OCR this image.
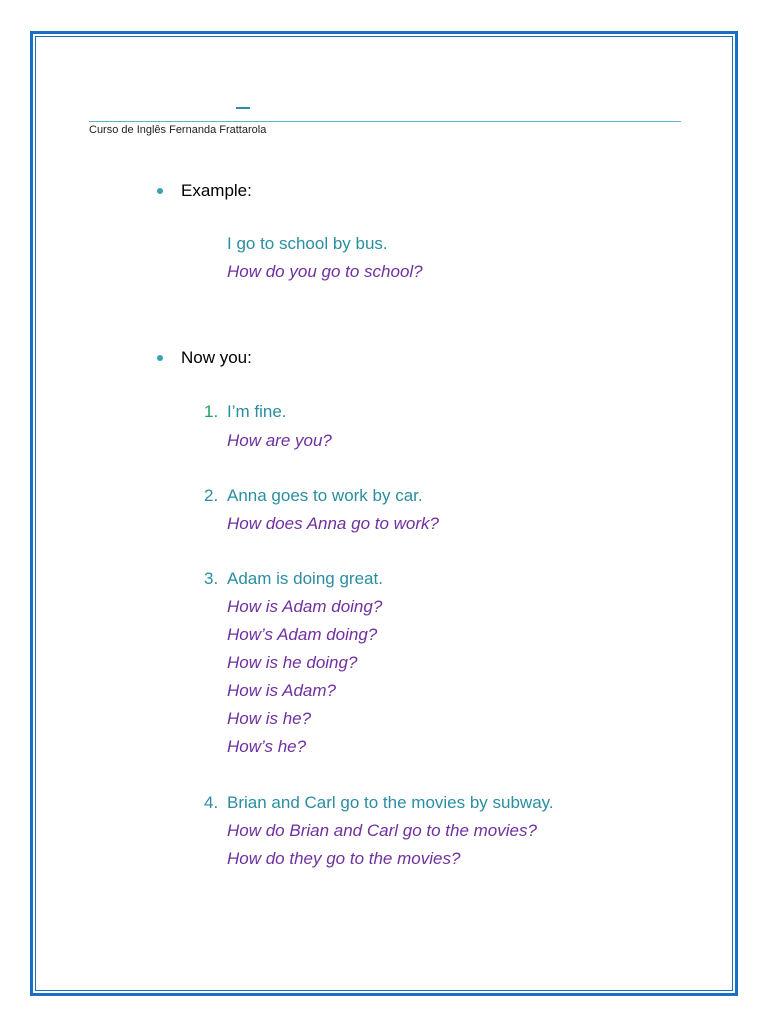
Curso de Inglês Fernanda Frattarola
Example:
I go to school by bus.
How do you go to school?
Now you:
1. I’m fine.
How are you?
2. Anna goes to work by car.
How does Anna go to work?
3. Adam is doing great.
How is Adam doing?
How’s Adam doing?
How is he doing?
How is Adam?
How is he?
How’s he?
4. Brian and Carl go to the movies by subway.
How do Brian and Carl go to the movies?
How do they go to the movies?
